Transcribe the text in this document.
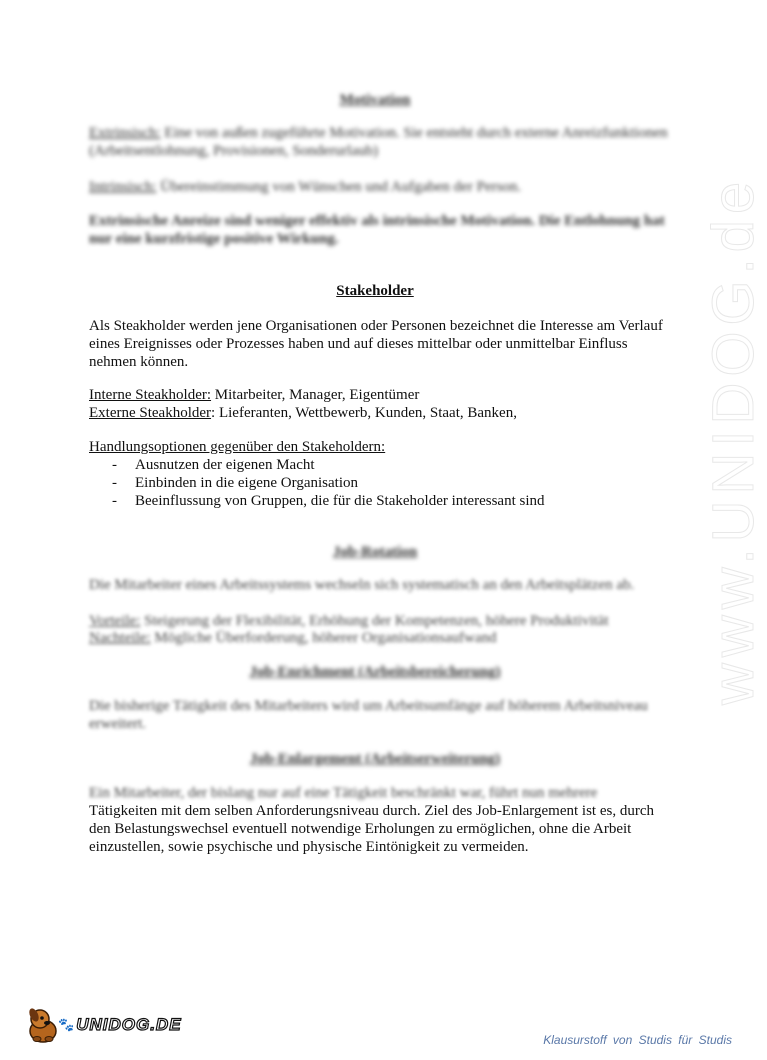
www.UNIDOG.de
Motivation
Extrinsisch: Eine von außen zugeführte Motivation. Sie entsteht durch externe Anreizfunktionen (Arbeitsentlohnung, Provisionen, Sonderurlaub)
Intrinsisch: Übereinstimmung von Wünschen und Aufgaben der Person.
Extrinsische Anreize sind weniger effektiv als intrinsische Motivation. Die Entlohnung hat nur eine kurzfristige positive Wirkung.
Stakeholder
Als Steakholder werden jene Organisationen oder Personen bezeichnet die Interesse am Verlauf eines Ereignisses oder Prozesses haben und auf dieses mittelbar oder unmittelbar Einfluss nehmen können.
Interne Steakholder: Mitarbeiter, Manager, Eigentümer
Externe Steakholder: Lieferanten, Wettbewerb, Kunden, Staat, Banken,
Handlungsoptionen gegenüber den Stakeholdern:
-	Ausnutzen der eigenen Macht
-	Einbinden in die eigene Organisation
-	Beeinflussung von Gruppen, die für die Stakeholder interessant sind
Job-Rotation
Die Mitarbeiter eines Arbeitssystems wechseln sich systematisch an den Arbeitsplätzen ab.
Vorteile: Steigerung der Flexibilität, Erhöhung der Kompetenzen, höhere Produktivität
Nachteile: Mögliche Überforderung, höherer Organisationsaufwand
Job-Enrichment (Arbeitsbereicherung)
Die bisherige Tätigkeit des Mitarbeiters wird um Arbeitsumfänge auf höherem Arbeitsniveau erweitert.
Job-Enlargement (Arbeitserweiterung)
Ein Mitarbeiter, der bislang nur auf eine Tätigkeit beschränkt war, führt nun mehrere
Tätigkeiten mit dem selben Anforderungsniveau durch. Ziel des Job-Enlargement ist es, durch den Belastungswechsel eventuell notwendige Erholungen zu ermöglichen, ohne die Arbeit einzustellen, sowie psychische und physische Eintönigkeit zu vermeiden.
🐾 UNIDOG.DE
Klausurstoff von Studis für Studis
